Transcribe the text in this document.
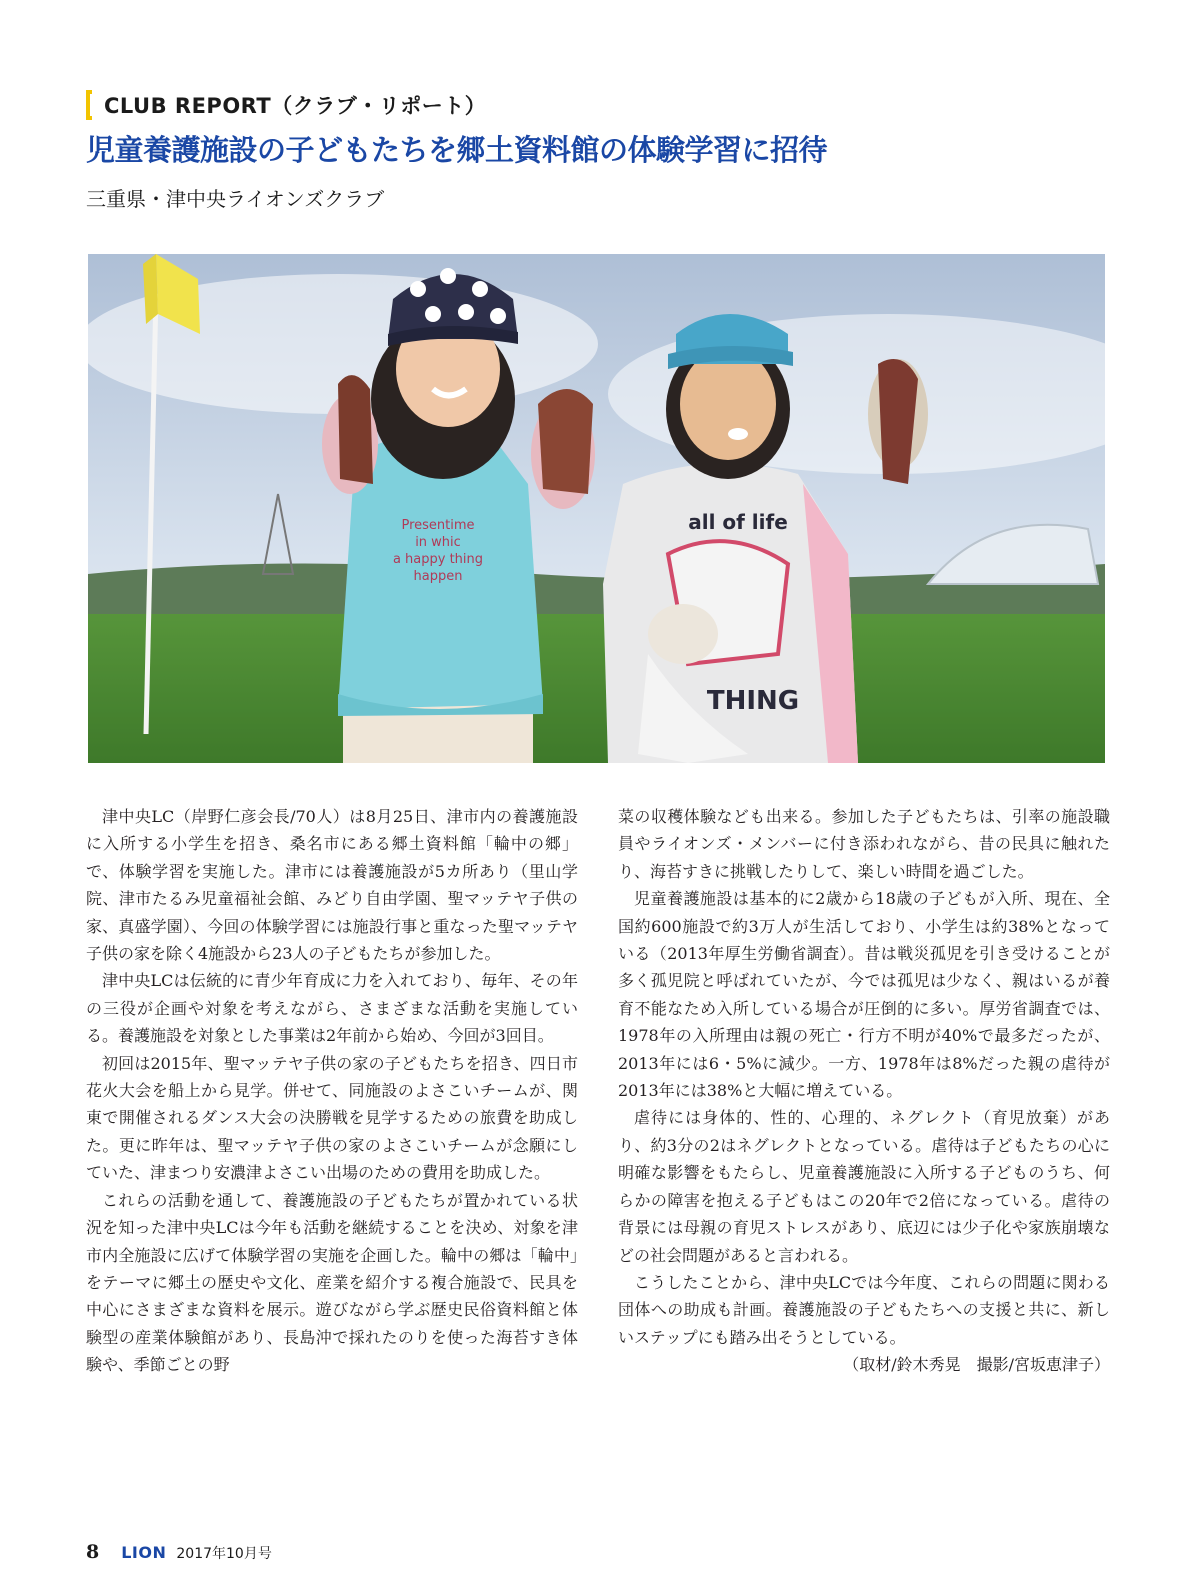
CLUB REPORT（クラブ・リポート）
児童養護施設の子どもたちを郷土資料館の体験学習に招待

三重県・津中央ライオンズクラブ

Presentime
in whic
a happy thing
happen
all of life
THING

津中央LC（岸野仁彦会長/70人）は8月25日、津市内の養護施設に入所する小学生を招き、桑名市にある郷土資料館「輪中の郷」で、体験学習を実施した。津市には養護施設が5カ所あり（里山学院、津市たるみ児童福祉会館、みどり自由学園、聖マッテヤ子供の家、真盛学園）、今回の体験学習には施設行事と重なった聖マッテヤ子供の家を除く4施設から23人の子どもたちが参加した。

津中央LCは伝統的に青少年育成に力を入れており、毎年、その年の三役が企画や対象を考えながら、さまざまな活動を実施している。養護施設を対象とした事業は2年前から始め、今回が3回目。

初回は2015年、聖マッテヤ子供の家の子どもたちを招き、四日市花火大会を船上から見学。併せて、同施設のよさこいチームが、関東で開催されるダンス大会の決勝戦を見学するための旅費を助成した。更に昨年は、聖マッテヤ子供の家のよさこいチームが念願にしていた、津まつり安濃津よさこい出場のための費用を助成した。

これらの活動を通して、養護施設の子どもたちが置かれている状況を知った津中央LCは今年も活動を継続することを決め、対象を津市内全施設に広げて体験学習の実施を企画した。輪中の郷は「輪中」をテーマに郷土の歴史や文化、産業を紹介する複合施設で、民具を中心にさまざまな資料を展示。遊びながら学ぶ歴史民俗資料館と体験型の産業体験館があり、長島沖で採れたのりを使った海苔すき体験や、季節ごとの野

菜の収穫体験なども出来る。参加した子どもたちは、引率の施設職員やライオンズ・メンバーに付き添われながら、昔の民具に触れたり、海苔すきに挑戦したりして、楽しい時間を過ごした。

児童養護施設は基本的に2歳から18歳の子どもが入所、現在、全国約600施設で約3万人が生活しており、小学生は約38%となっている（2013年厚生労働省調査）。昔は戦災孤児を引き受けることが多く孤児院と呼ばれていたが、今では孤児は少なく、親はいるが養育不能なため入所している場合が圧倒的に多い。厚労省調査では、1978年の入所理由は親の死亡・行方不明が40%で最多だったが、2013年には6・5%に減少。一方、1978年は8%だった親の虐待が2013年には38%と大幅に増えている。

虐待には身体的、性的、心理的、ネグレクト（育児放棄）があり、約3分の2はネグレクトとなっている。虐待は子どもたちの心に明確な影響をもたらし、児童養護施設に入所する子どものうち、何らかの障害を抱える子どもはこの20年で2倍になっている。虐待の背景には母親の育児ストレスがあり、底辺には少子化や家族崩壊などの社会問題があると言われる。

こうしたことから、津中央LCでは今年度、これらの問題に関わる団体への助成も計画。養護施設の子どもたちへの支援と共に、新しいステップにも踏み出そうとしている。

（取材/鈴木秀晃　撮影/宮坂恵津子）

8 LION 2017年10月号
